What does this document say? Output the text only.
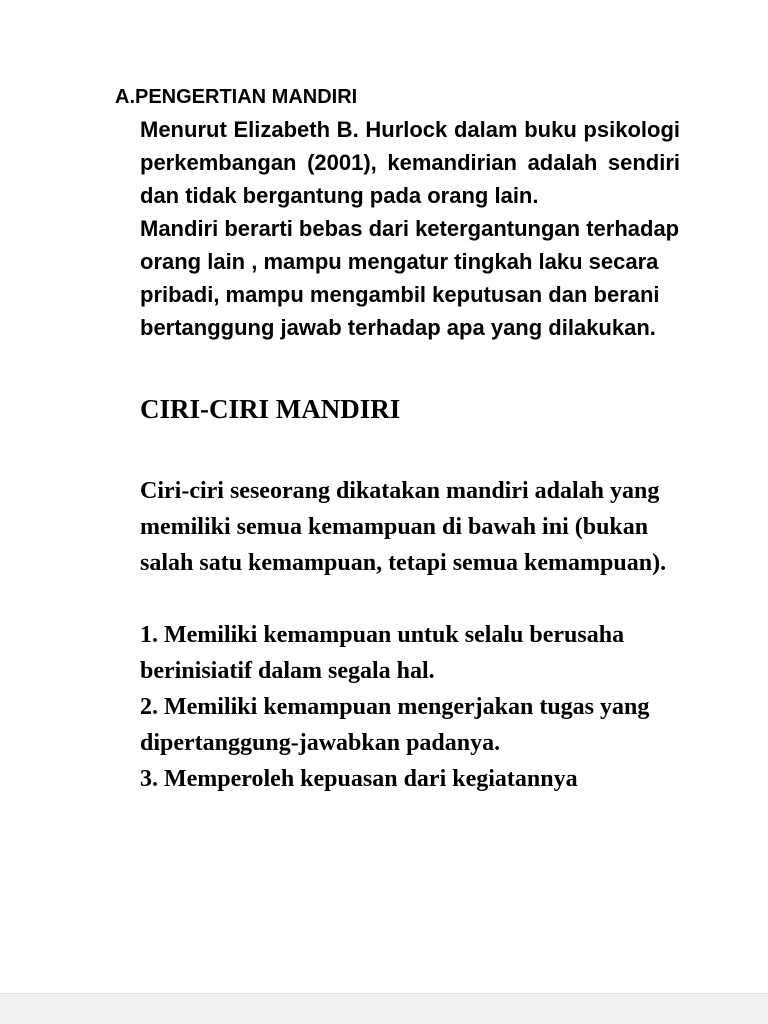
A.PENGERTIAN MANDIRI

Menurut Elizabeth B. Hurlock dalam buku psikologi perkembangan (2001), kemandirian adalah sendiri dan tidak bergantung pada orang lain.

Mandiri berarti bebas dari ketergantungan terhadap orang lain , mampu mengatur tingkah laku secara pribadi, mampu mengambil keputusan dan berani bertanggung jawab terhadap apa yang dilakukan.

CIRI-CIRI MANDIRI

Ciri-ciri seseorang dikatakan mandiri adalah yang memiliki semua kemampuan di bawah ini (bukan salah satu kemampuan, tetapi semua kemampuan).

1. Memiliki kemampuan untuk selalu berusaha berinisiatif dalam segala hal.

2. Memiliki kemampuan mengerjakan tugas yang dipertanggung-jawabkan padanya.

3. Memperoleh kepuasan dari kegiatannya
